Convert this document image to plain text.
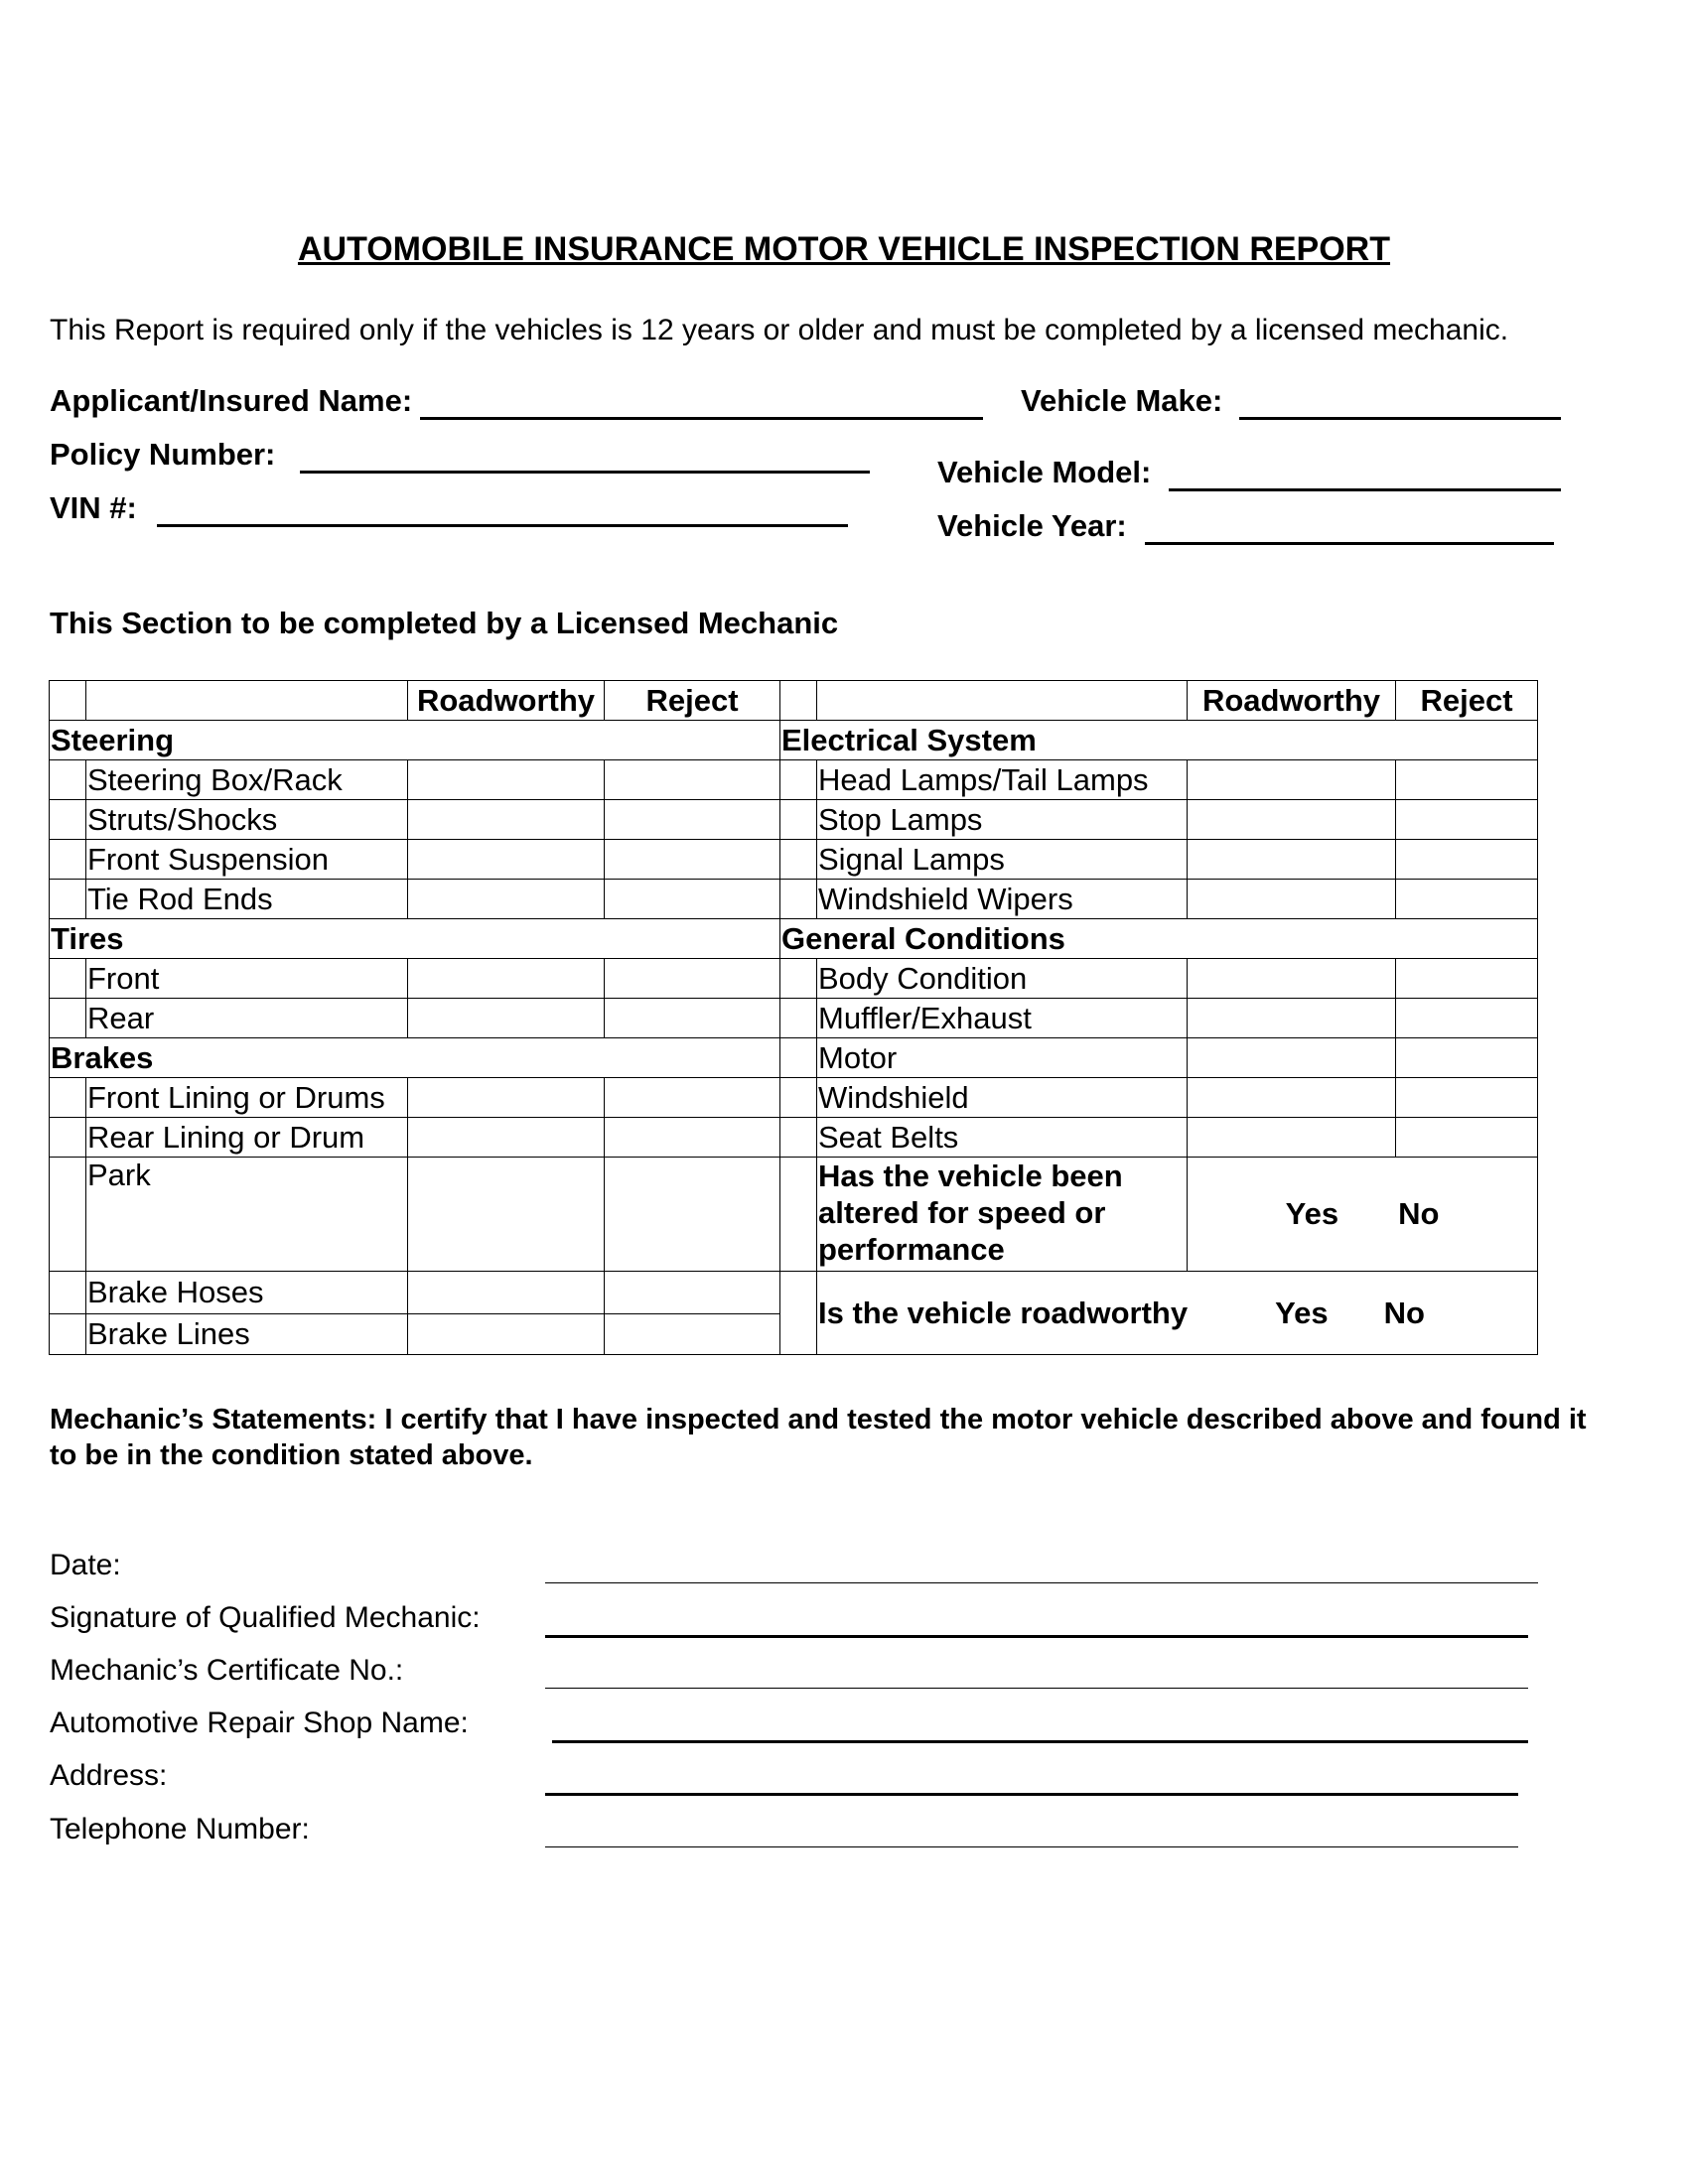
AUTOMOBILE INSURANCE MOTOR VEHICLE INSPECTION REPORT
This Report is required only if the vehicles is 12 years or older and must be completed by a licensed mechanic.
Applicant/Insured Name:	Vehicle Make:
Policy Number:
Vehicle Model:
VIN #:
Vehicle Year:
This Section to be completed by a Licensed Mechanic
		Roadworthy	Reject			Roadworthy	Reject
Steering				Electrical System			
	Steering Box/Rack				Head Lamps/Tail Lamps		
	Struts/Shocks				Stop Lamps		
	Front Suspension				Signal Lamps		
	Tie Rod Ends				Windshield Wipers		
Tires				General Conditions			
	Front				Body Condition		
	Rear				Muffler/Exhaust		
Brakes					Motor		
	Front Lining or Drums				Windshield		
	Rear Lining or Drum				Seat Belts		
	Park				Has the vehicle been altered for speed or performance	Yes No	
	Brake Hoses				Is the vehicle roadworthy Yes No		
	Brake Lines						
Mechanic’s Statements: I certify that I have inspected and tested the motor vehicle described above and found it to be in the condition stated above.
Date:
Signature of Qualified Mechanic:
Mechanic’s Certificate No.:
Automotive Repair Shop Name:
Address:
Telephone Number:
